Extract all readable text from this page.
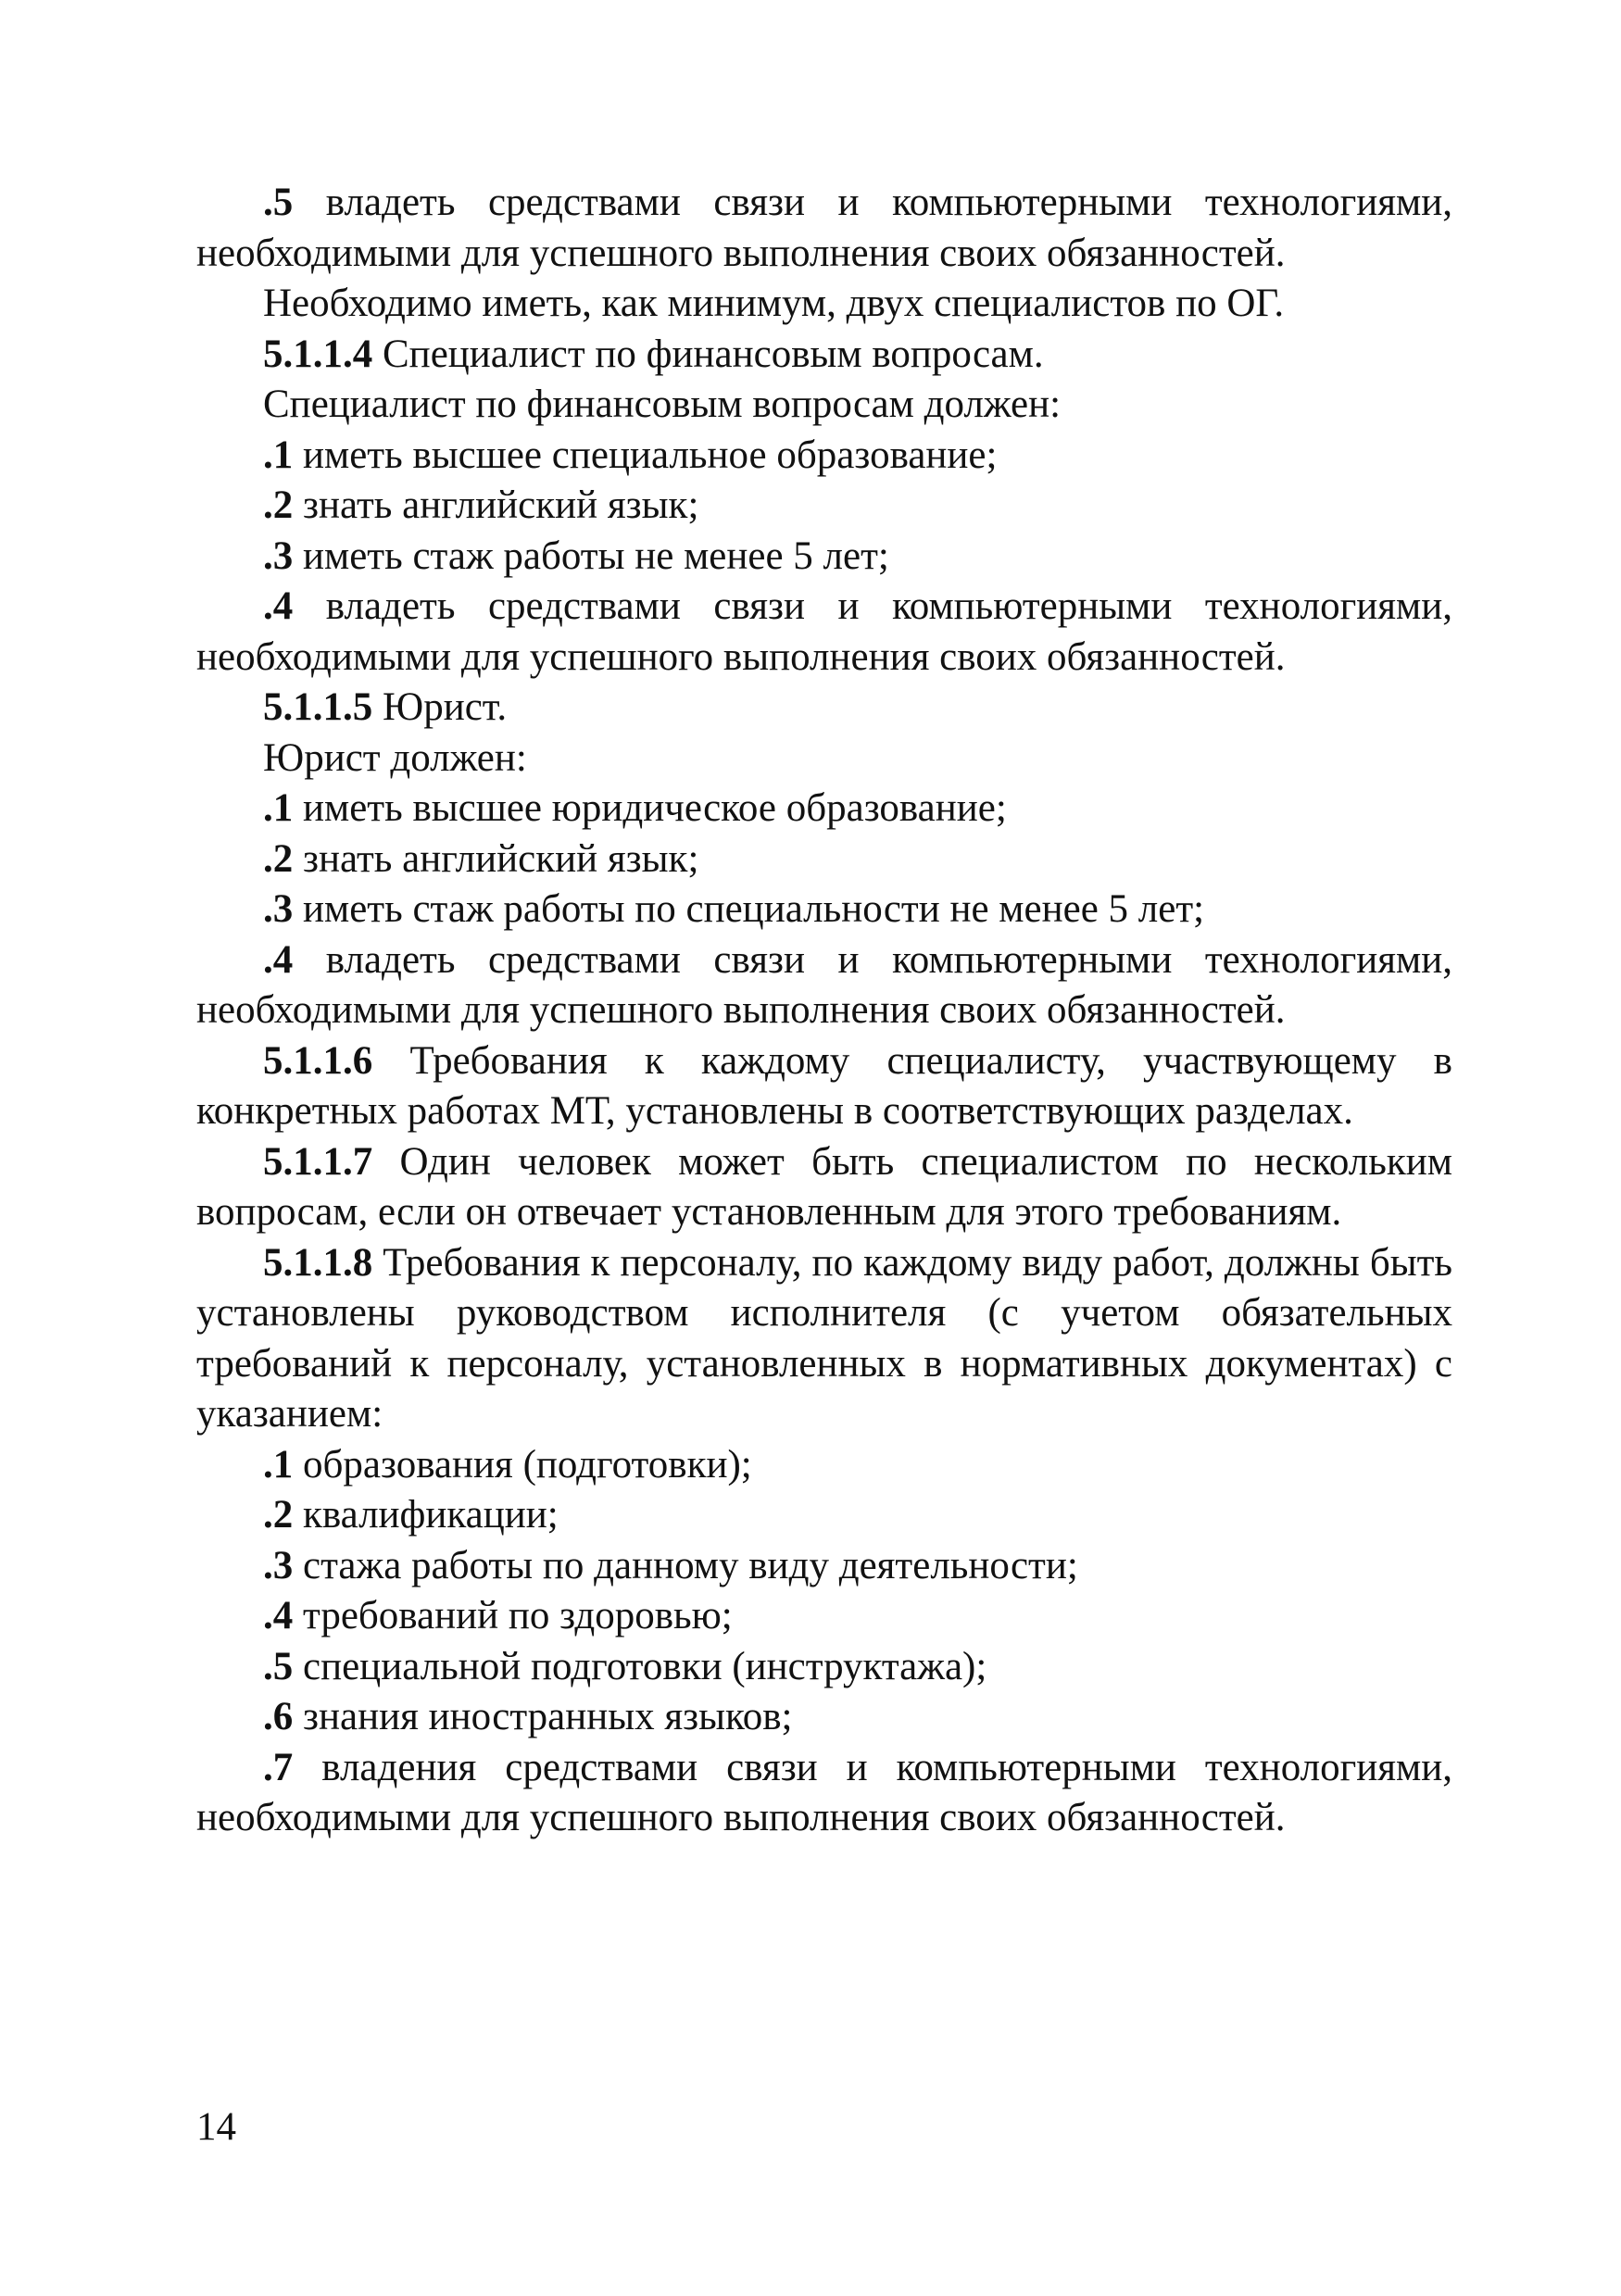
.5 владеть средствами связи и компьютерными технологиями, необходимыми для успешного выполнения своих обязанностей.

Необходимо иметь, как минимум, двух специалистов по ОГ.

5.1.1.4 Специалист по финансовым вопросам.

Специалист по финансовым вопросам должен:

.1 иметь высшее специальное образование;

.2 знать английский язык;

.3 иметь стаж работы не менее 5 лет;

.4 владеть средствами связи и компьютерными технологиями, необходимыми для успешного выполнения своих обязанностей.

5.1.1.5 Юрист.

Юрист должен:

.1 иметь высшее юридическое образование;

.2 знать английский язык;

.3 иметь стаж работы по специальности не менее 5 лет;

.4 владеть средствами связи и компьютерными технологиями, необходимыми для успешного выполнения своих обязанностей.

5.1.1.6 Требования к каждому специалисту, участвующему в конкретных работах МТ, установлены в соответствующих разделах.

5.1.1.7 Один человек может быть специалистом по нескольким вопросам, если он отвечает установленным для этого требованиям.

5.1.1.8 Требования к персоналу, по каждому виду работ, должны быть установлены руководством исполнителя (с учетом обязательных требований к персоналу, установленных в нормативных документах) с указанием:

.1 образования (подготовки);

.2 квалификации;

.3 стажа работы по данному виду деятельности;

.4 требований по здоровью;

.5 специальной подготовки (инструктажа);

.6 знания иностранных языков;

.7 владения средствами связи и компьютерными технологиями, необходимыми для успешного выполнения своих обязанностей.

14
